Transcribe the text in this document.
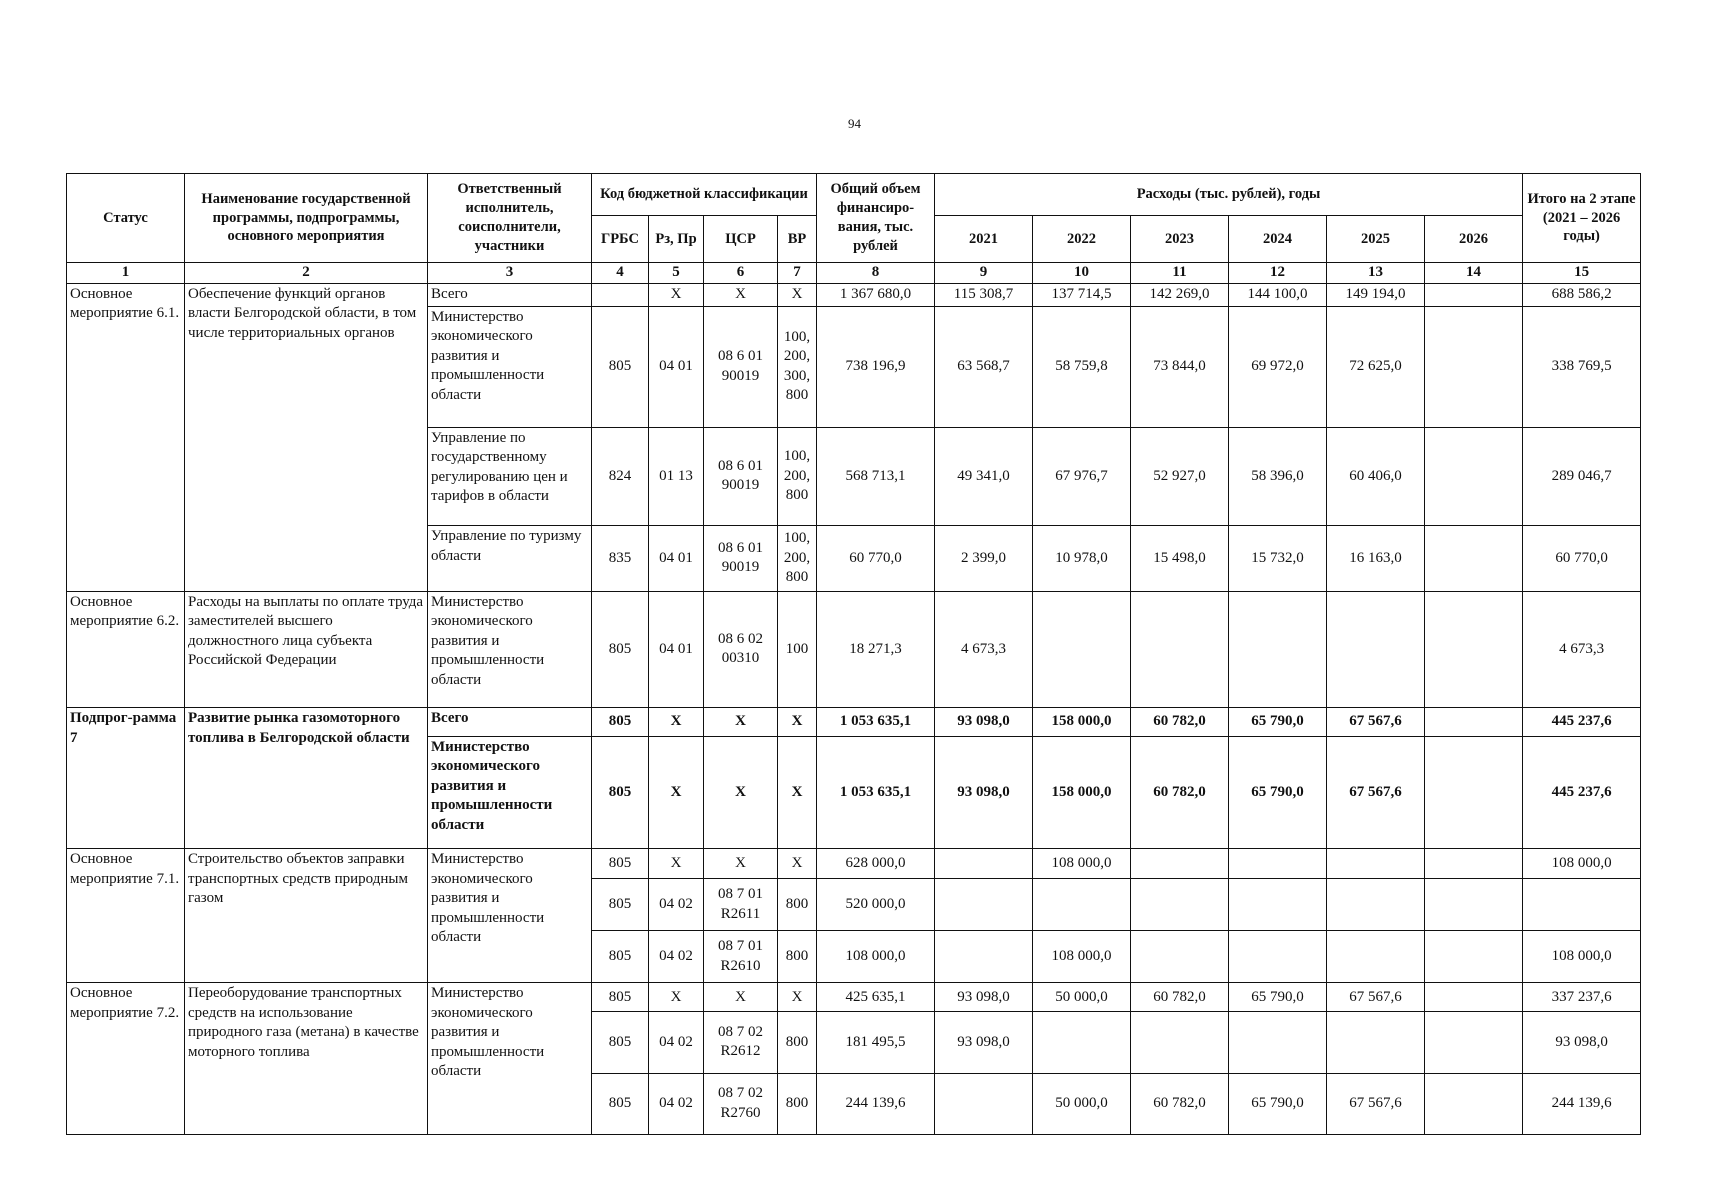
94
Статус	Наименование государственной программы, подпрограммы, основного мероприятия	Ответственный исполнитель, соисполнители, участники	Код бюджетной классификации				Общий объем финансиро-вания, тыс. рублей	Расходы (тыс. рублей), годы						Итого на 2 этапе (2021 – 2026 годы)
			ГРБС	Рз, Пр	ЦСР	ВР		2021	2022	2023	2024	2025	2026	
1	2	3	4	5	6	7	8	9	10	11	12	13	14	15
Основное мероприятие 6.1.	Обеспечение функций органов власти Белгородской области, в том числе территориальных органов	Всего		X	X	X	1 367 680,0	115 308,7	137 714,5	142 269,0	144 100,0	149 194,0		688 586,2
		Министерство экономического развития и промышленности области	805	04 01	08 6 01 90019	100, 200, 300, 800	738 196,9	63 568,7	58 759,8	73 844,0	69 972,0	72 625,0		338 769,5
		Управление по государственному регулированию цен и тарифов в области	824	01 13	08 6 01 90019	100, 200, 800	568 713,1	49 341,0	67 976,7	52 927,0	58 396,0	60 406,0		289 046,7
		Управление по туризму области	835	04 01	08 6 01 90019	100, 200, 800	60 770,0	2 399,0	10 978,0	15 498,0	15 732,0	16 163,0		60 770,0
Основное мероприятие 6.2.	Расходы на выплаты по оплате труда заместителей высшего должностного лица субъекта Российской Федерации	Министерство экономического развития и промышленности области	805	04 01	08 6 02 00310	100	18 271,3	4 673,3						4 673,3
Подпрог-рамма 7	Развитие рынка газомоторного топлива в Белгородской области	Всего	805	X	X	X	1 053 635,1	93 098,0	158 000,0	60 782,0	65 790,0	67 567,6		445 237,6
		Министерство экономического развития и промышленности области	805	X	X	X	1 053 635,1	93 098,0	158 000,0	60 782,0	65 790,0	67 567,6		445 237,6
Основное мероприятие 7.1.	Строительство объектов заправки транспортных средств природным газом	Министерство экономического развития и промышленности области	805	X	X	X	628 000,0		108 000,0					108 000,0
			805	04 02	08 7 01 R2611	800	520 000,0							
			805	04 02	08 7 01 R2610	800	108 000,0		108 000,0					108 000,0
Основное мероприятие 7.2.	Переоборудование транспортных средств на использование природного газа (метана) в качестве моторного топлива	Министерство экономического развития и промышленности области	805	X	X	X	425 635,1	93 098,0	50 000,0	60 782,0	65 790,0	67 567,6		337 237,6
			805	04 02	08 7 02 R2612	800	181 495,5	93 098,0						93 098,0
			805	04 02	08 7 02 R2760	800	244 139,6		50 000,0	60 782,0	65 790,0	67 567,6		244 139,6
